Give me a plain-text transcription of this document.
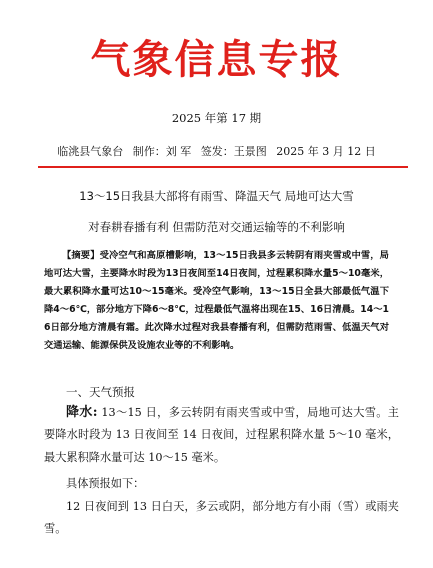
气象信息专报
2025 年第 17 期
临洮县气象台 制作：刘 军 签发：王景图 2025 年 3 月 12 日
13～15日我县大部将有雨雪、降温天气 局地可达大雪
对春耕春播有利 但需防范对交通运输等的不利影响
【摘要】受冷空气和高原槽影响，13～15日我县多云转阴有雨夹雪或中雪，局地可达大雪，主要降水时段为13日夜间至14日夜间，过程累积降水量5～10毫米，最大累积降水量可达10～15毫米。受冷空气影响，13～15日全县大部最低气温下降4～6℃，部分地方下降6～8℃，过程最低气温将出现在15、16日清晨。14～16日部分地方清晨有霜。此次降水过程对我县春播有利，但需防范雨雪、低温天气对交通运输、能源保供及设施农业等的不利影响。
一、天气预报
降水: 13～15 日，多云转阴有雨夹雪或中雪，局地可达大雪。主要降水时段为 13 日夜间至 14 日夜间，过程累积降水量 5～10 毫米，最大累积降水量可达 10～15 毫米。
具体预报如下：
12 日夜间到 13 日白天，多云或阴，部分地方有小雨（雪）或雨夹雪。
